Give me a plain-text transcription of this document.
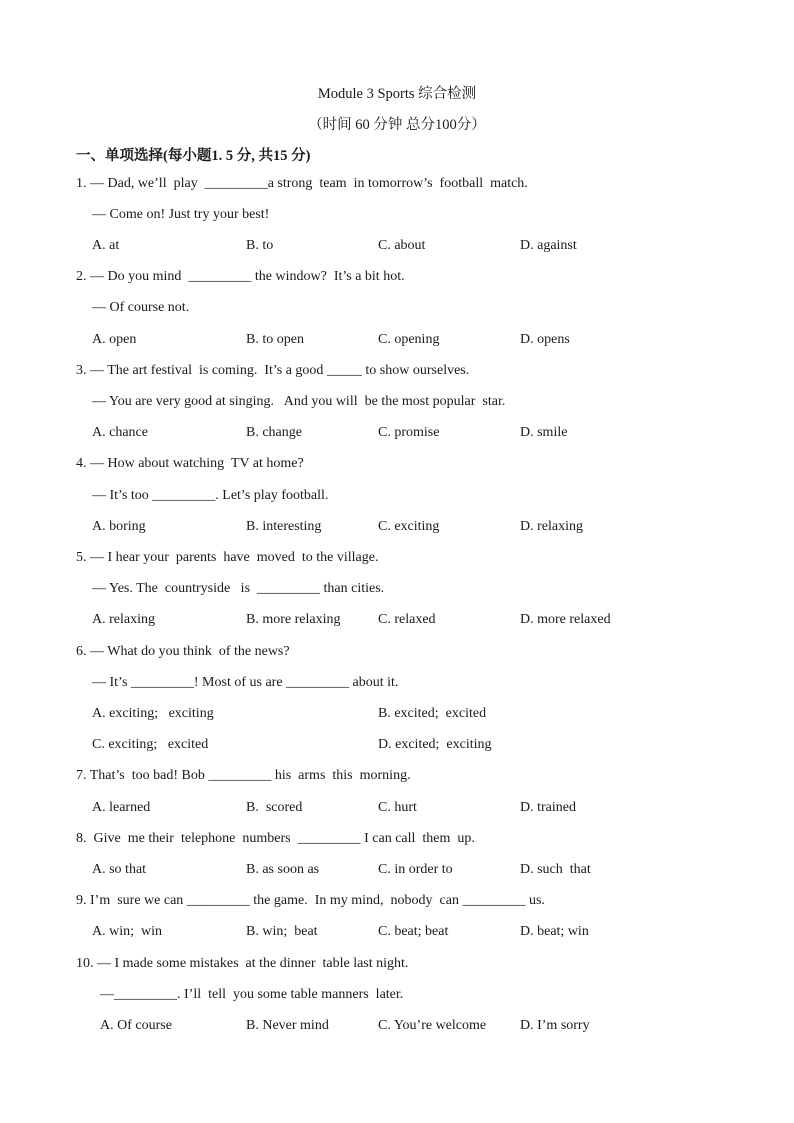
Module 3 Sports 综合检测
（时间 60 分钟 总分100分）
一、单项选择(每小题1. 5 分, 共15 分)
1. — Dad, we’ll  play  _________a strong  team  in tomorrow’s  football  match.
— Come on! Just try your best!
A. at	B. to	C. about	D. against
2. — Do you mind  _________ the window?  It’s a bit hot.
— Of course not.
A. open	B. to open	C. opening	D. opens
3. — The art festival  is coming.  It’s a good _____ to show ourselves.
— You are very good at singing.   And you will  be the most popular  star.
A. chance	B. change	C. promise	D. smile
4. — How about watching  TV at home?
— It’s too _________. Let’s play football.
A. boring	B. interesting	C. exciting	D. relaxing
5. — I hear your  parents  have  moved  to the village.
— Yes. The  countryside   is  _________ than cities.
A. relaxing	B. more relaxing	C. relaxed	D. more relaxed
6. — What do you think  of the news?
— It’s _________! Most of us are _________ about it.
A. exciting;   exciting	B. excited;  excited
C. exciting;   excited	D. excited;  exciting
7. That’s  too bad! Bob _________ his  arms  this  morning.
A. learned	B.  scored	C. hurt	D. trained
8.  Give  me their  telephone  numbers  _________ I can call  them  up.
A. so that	B. as soon as	C. in order to	D. such  that
9. I’m  sure we can _________ the game.  In my mind,  nobody  can _________ us.
A. win;  win	B. win;  beat	C. beat; beat	D. beat; win
10. — I made some mistakes  at the dinner  table last night.
—_________. I’ll  tell  you some table manners  later.
A. Of course	B. Never mind	C. You’re welcome D. I’m sorry
